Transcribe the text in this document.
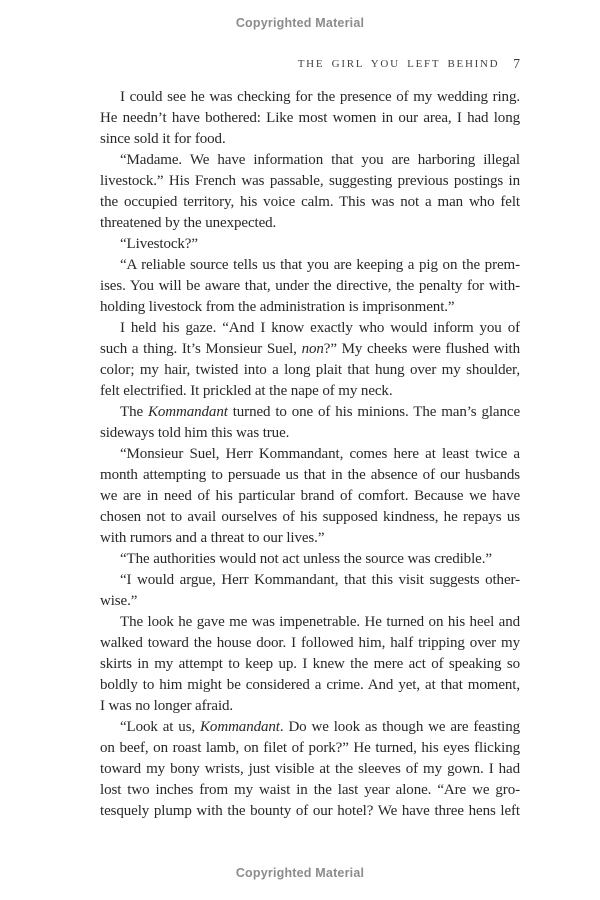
Copyrighted Material
THE GIRL YOU LEFT BEHIND 7
I could see he was checking for the presence of my wedding ring.
He needn’t have bothered: Like most women in our area, I had long
since sold it for food.
“Madame. We have information that you are harboring illegal
livestock.” His French was passable, suggesting previous postings in
the occupied territory, his voice calm. This was not a man who felt
threatened by the unexpected.
“Livestock?”
“A reliable source tells us that you are keeping a pig on the prem-
ises. You will be aware that, under the directive, the penalty for with-
holding livestock from the administration is imprisonment.”
I held his gaze. “And I know exactly who would inform you of
such a thing. It’s Monsieur Suel, non?” My cheeks were flushed with
color; my hair, twisted into a long plait that hung over my shoulder,
felt electrified. It prickled at the nape of my neck.
The Kommandant turned to one of his minions. The man’s glance
sideways told him this was true.
“Monsieur Suel, Herr Kommandant, comes here at least twice a
month attempting to persuade us that in the absence of our husbands
we are in need of his particular brand of comfort. Because we have
chosen not to avail ourselves of his supposed kindness, he repays us
with rumors and a threat to our lives.”
“The authorities would not act unless the source was credible.”
“I would argue, Herr Kommandant, that this visit suggests other-
wise.”
The look he gave me was impenetrable. He turned on his heel and
walked toward the house door. I followed him, half tripping over my
skirts in my attempt to keep up. I knew the mere act of speaking so
boldly to him might be considered a crime. And yet, at that moment,
I was no longer afraid.
“Look at us, Kommandant. Do we look as though we are feasting
on beef, on roast lamb, on filet of pork?” He turned, his eyes flicking
toward my bony wrists, just visible at the sleeves of my gown. I had
lost two inches from my waist in the last year alone. “Are we gro-
tesquely plump with the bounty of our hotel? We have three hens left
Copyrighted Material
